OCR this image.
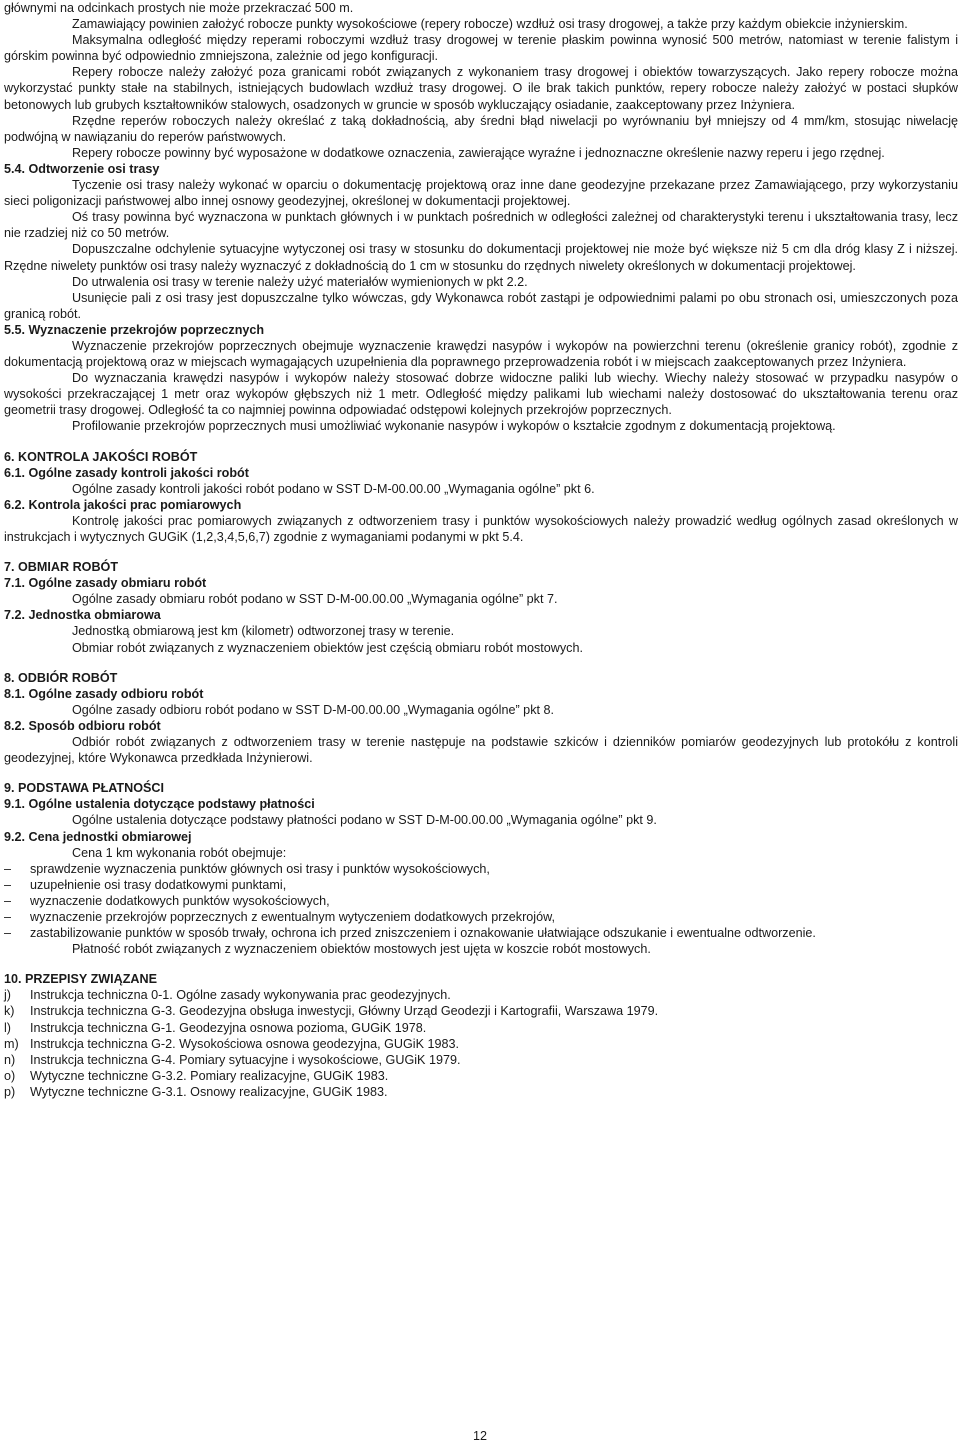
głównymi na odcinkach prostych nie może przekraczać 500 m.

Zamawiający powinien założyć robocze punkty wysokościowe (repery robocze) wzdłuż osi trasy drogowej, a także przy każdym obiekcie inżynierskim.

Maksymalna odległość między reperami roboczymi wzdłuż trasy drogowej w terenie płaskim powinna wynosić 500 metrów, natomiast w terenie falistym i górskim powinna być odpowiednio zmniejszona, zależnie od jego konfiguracji.

Repery robocze należy założyć poza granicami robót związanych z wykonaniem trasy drogowej i obiektów towarzyszących. Jako repery robocze można wykorzystać punkty stałe na stabilnych, istniejących budowlach wzdłuż trasy drogowej. O ile brak takich punktów, repery robocze należy założyć w postaci słupków betonowych lub grubych kształtowników stalowych, osadzonych w gruncie w sposób wykluczający osiadanie, zaakceptowany przez Inżyniera.

Rzędne reperów roboczych należy określać z taką dokładnością, aby średni błąd niwelacji po wyrównaniu był mniejszy od 4 mm/km, stosując niwelację podwójną w nawiązaniu do reperów państwowych.

Repery robocze powinny być wyposażone w dodatkowe oznaczenia, zawierające wyraźne i jednoznaczne określenie nazwy reperu i jego rzędnej.

5.4. Odtworzenie osi trasy

Tyczenie osi trasy należy wykonać w oparciu o dokumentację projektową oraz inne dane geodezyjne przekazane przez Zamawiającego, przy wykorzystaniu sieci poligonizacji państwowej albo innej osnowy geodezyjnej, określonej w dokumentacji projektowej.

Oś trasy powinna być wyznaczona w punktach głównych i w punktach pośrednich w odległości zależnej od charakterystyki terenu i ukształtowania trasy, lecz nie rzadziej niż co 50 metrów.

Dopuszczalne odchylenie sytuacyjne wytyczonej osi trasy w stosunku do dokumentacji projektowej nie może być większe niż 5 cm dla dróg klasy Z i niższej. Rzędne niwelety punktów osi trasy należy wyznaczyć z dokładnością do 1 cm w stosunku do rzędnych niwelety określonych w dokumentacji projektowej.

Do utrwalenia osi trasy w terenie należy użyć materiałów wymienionych w pkt 2.2.

Usunięcie pali z osi trasy jest dopuszczalne tylko wówczas, gdy Wykonawca robót zastąpi je odpowiednimi palami po obu stronach osi, umieszczonych poza granicą robót.

5.5. Wyznaczenie przekrojów poprzecznych

Wyznaczenie przekrojów poprzecznych obejmuje wyznaczenie krawędzi nasypów i wykopów na powierzchni terenu (określenie granicy robót), zgodnie z dokumentacją projektową oraz w miejscach wymagających uzupełnienia dla poprawnego przeprowadzenia robót i w miejscach zaakceptowanych przez Inżyniera.

Do wyznaczania krawędzi nasypów i wykopów należy stosować dobrze widoczne paliki lub wiechy. Wiechy należy stosować w przypadku nasypów o wysokości przekraczającej 1 metr oraz wykopów głębszych niż 1 metr. Odległość między palikami lub wiechami należy dostosować do ukształtowania terenu oraz geometrii trasy drogowej. Odległość ta co najmniej powinna odpowiadać odstępowi kolejnych przekrojów poprzecznych.

Profilowanie przekrojów poprzecznych musi umożliwiać wykonanie nasypów i wykopów o kształcie zgodnym z dokumentacją projektową.

6. KONTROLA JAKOŚCI ROBÓT
6.1. Ogólne zasady kontroli jakości robót

Ogólne zasady kontroli jakości robót podano w SST D-M-00.00.00 „Wymagania ogólne” pkt 6.

6.2. Kontrola jakości prac pomiarowych

Kontrolę jakości prac pomiarowych związanych z odtworzeniem trasy i punktów wysokościowych należy prowadzić według ogólnych zasad określonych w instrukcjach i wytycznych GUGiK (1,2,3,4,5,6,7) zgodnie z wymaganiami podanymi w pkt 5.4.

7. OBMIAR ROBÓT
7.1. Ogólne zasady obmiaru robót

Ogólne zasady obmiaru robót podano w SST D-M-00.00.00 „Wymagania ogólne” pkt 7.

7.2. Jednostka obmiarowa

Jednostką obmiarową jest km (kilometr) odtworzonej trasy w terenie.

Obmiar robót związanych z wyznaczeniem obiektów jest częścią obmiaru robót mostowych.

8. ODBIÓR ROBÓT
8.1. Ogólne zasady odbioru robót

Ogólne zasady odbioru robót podano w SST D-M-00.00.00 „Wymagania ogólne” pkt 8.

8.2. Sposób odbioru robót

Odbiór robót związanych z odtworzeniem trasy w terenie następuje na podstawie szkiców i dzienników pomiarów geodezyjnych lub protokółu z kontroli geodezyjnej, które Wykonawca przedkłada Inżynierowi.

9. PODSTAWA PŁATNOŚCI
9.1. Ogólne ustalenia dotyczące podstawy płatności

Ogólne ustalenia dotyczące podstawy płatności podano w SST D-M-00.00.00 „Wymagania ogólne” pkt 9.

9.2. Cena jednostki obmiarowej

Cena 1 km wykonania robót obejmuje:

– sprawdzenie wyznaczenia punktów głównych osi trasy i punktów wysokościowych,
– uzupełnienie osi trasy dodatkowymi punktami,
– wyznaczenie dodatkowych punktów wysokościowych,
– wyznaczenie przekrojów poprzecznych z ewentualnym wytyczeniem dodatkowych przekrojów,
– zastabilizowanie punktów w sposób trwały, ochrona ich przed zniszczeniem i oznakowanie ułatwiające odszukanie i ewentualne odtworzenie.

Płatność robót związanych z wyznaczeniem obiektów mostowych jest ujęta w koszcie robót mostowych.

10. PRZEPISY ZWIĄZANE
j) Instrukcja techniczna 0-1. Ogólne zasady wykonywania prac geodezyjnych.
k) Instrukcja techniczna G-3. Geodezyjna obsługa inwestycji, Główny Urząd Geodezji i Kartografii, Warszawa 1979.
l) Instrukcja techniczna G-1. Geodezyjna osnowa pozioma, GUGiK 1978.
m) Instrukcja techniczna G-2. Wysokościowa osnowa geodezyjna, GUGiK 1983.
n) Instrukcja techniczna G-4. Pomiary sytuacyjne i wysokościowe, GUGiK 1979.
o) Wytyczne techniczne G-3.2. Pomiary realizacyjne, GUGiK 1983.
p) Wytyczne techniczne G-3.1. Osnowy realizacyjne, GUGiK 1983.
12
